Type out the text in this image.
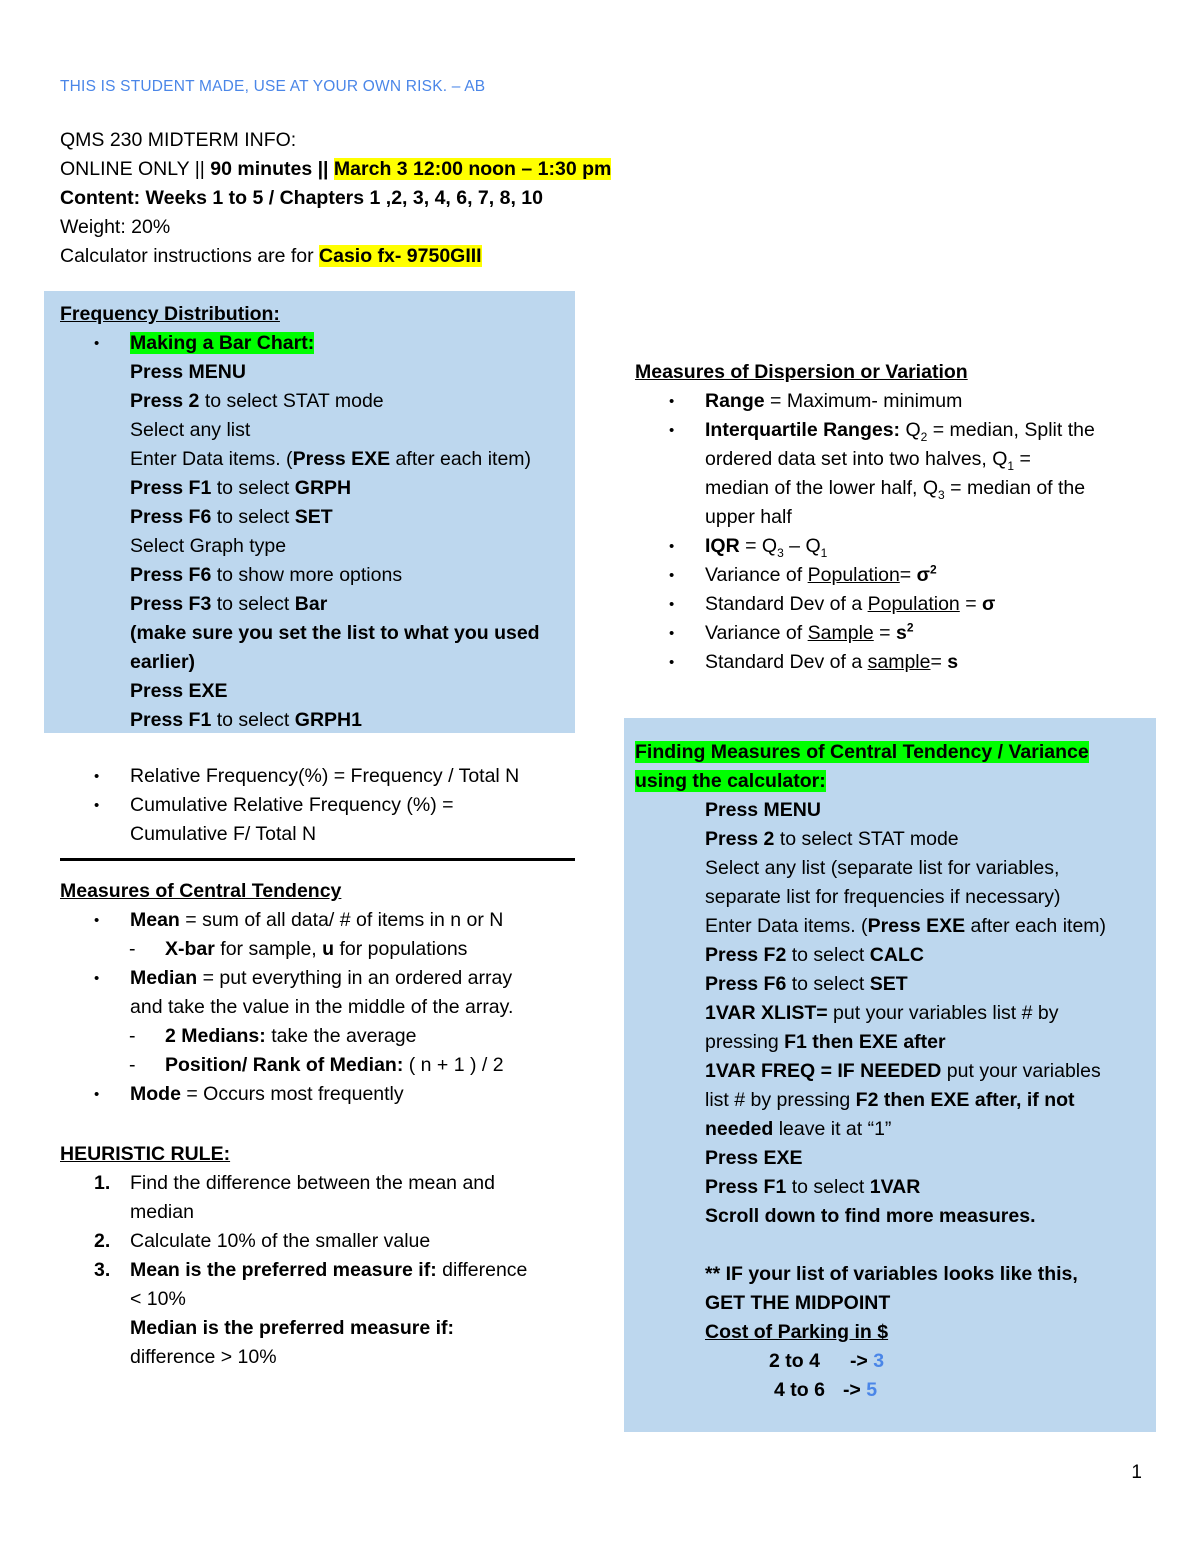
THIS IS STUDENT MADE, USE AT YOUR OWN RISK. – AB
QMS 230 MIDTERM INFO:
ONLINE ONLY || 90 minutes || March 3 12:00 noon – 1:30 pm
Content: Weeks 1 to 5 / Chapters 1 ,2, 3, 4, 6, 7, 8, 10
Weight: 20%
Calculator instructions are for Casio fx- 9750GIII
Frequency Distribution:
• Making a Bar Chart:
Press MENU
Press 2 to select STAT mode
Select any list
Enter Data items. (Press EXE after each item)
Press F1 to select GRPH
Press F6 to select SET
Select Graph type
Press F6 to show more options
Press F3 to select Bar
(make sure you set the list to what you used
earlier)
Press EXE
Press F1 to select GRPH1
• Relative Frequency(%) = Frequency / Total N
• Cumulative Relative Frequency (%) =
Cumulative F/ Total N
Measures of Central Tendency
• Mean = sum of all data/ # of items in n or N
- X-bar for sample, u for populations
• Median = put everything in an ordered array
and take the value in the middle of the array.
- 2 Medians: take the average
- Position/ Rank of Median: ( n + 1 ) / 2
• Mode = Occurs most frequently
HEURISTIC RULE:
1. Find the difference between the mean and
median
2. Calculate 10% of the smaller value
3. Mean is the preferred measure if: difference
< 10%
Median is the preferred measure if:
difference > 10%
Measures of Dispersion or Variation
• Range = Maximum- minimum
• Interquartile Ranges: $Q_2$ = median, Split the
ordered data set into two halves, $Q_1$ =
median of the lower half, $Q_3$ = median of the
upper half
• IQR = $Q_3 - Q_1$
• Variance of Population= $\sigma^2$
• Standard Dev of a Population = σ
• Variance of Sample = $s^2$
• Standard Dev of a sample= s
Finding Measures of Central Tendency / Variance
using the calculator:
Press MENU
Press 2 to select STAT mode
Select any list (separate list for variables,
separate list for frequencies if necessary)
Enter Data items. (Press EXE after each item)
Press F2 to select CALC
Press F6 to select SET
1VAR XLIST= put your variables list # by
pressing F1 then EXE after
1VAR FREQ = IF NEEDED put your variables
list # by pressing F2 then EXE after, if not
needed leave it at “1”
Press EXE
Press F1 to select 1VAR
Scroll down to find more measures.
** IF your list of variables looks like this,
GET THE MIDPOINT
Cost of Parking in $
2 to 4 -> 3
4 to 6 -> 5
1
